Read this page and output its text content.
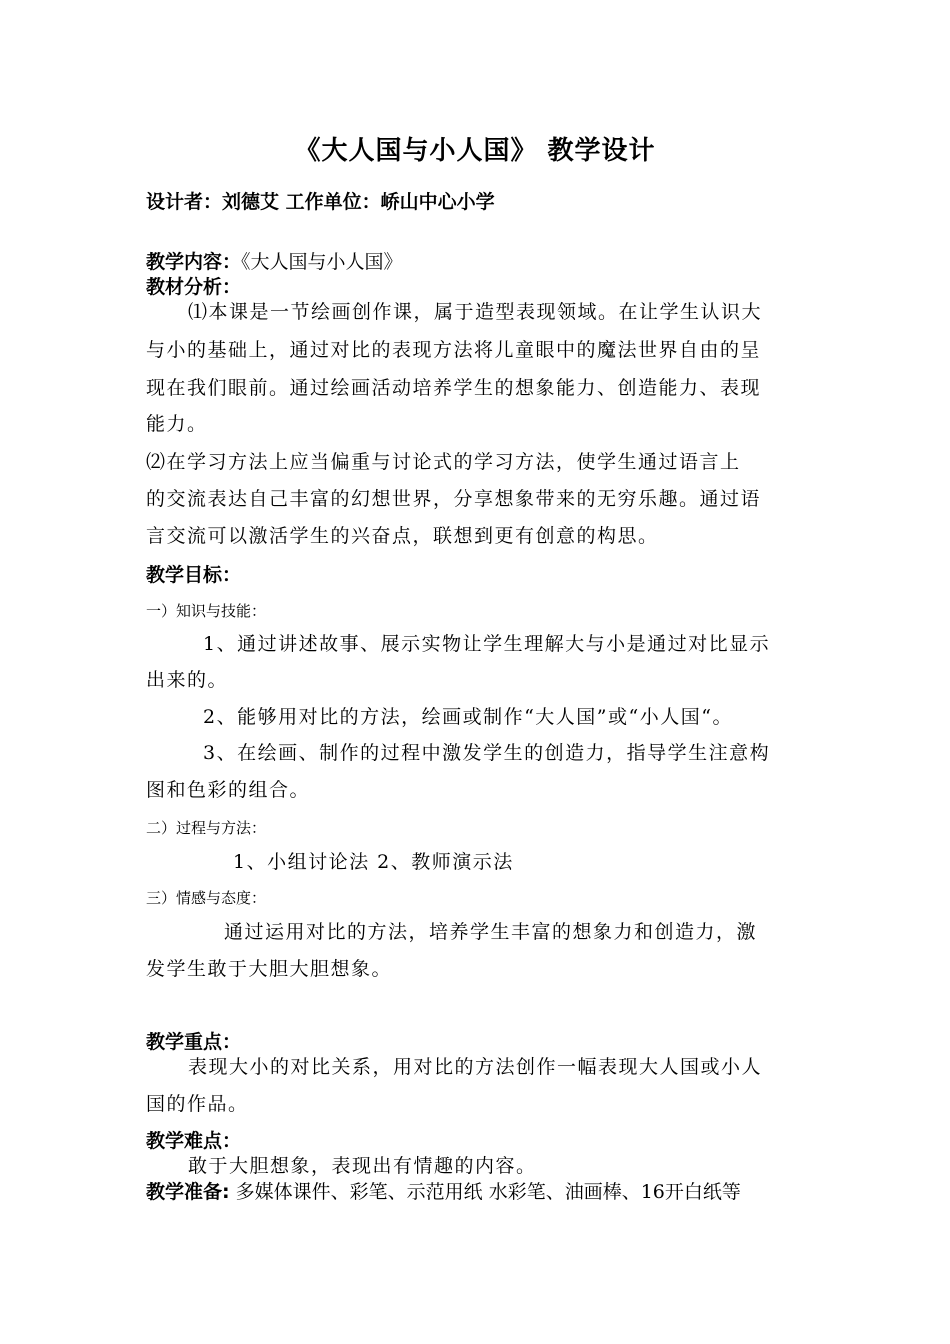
《大人国与小人国》 教学设计
设计者：刘德艾 工作单位：峤山中心小学
教学内容：《大人国与小人国》
教材分析：
⑴本课是一节绘画创作课，属于造型表现领域。在让学生认识大
与小的基础上，通过对比的表现方法将儿童眼中的魔法世界自由的呈
现在我们眼前。通过绘画活动培养学生的想象能力、创造能力、表现
能力。
⑵在学习方法上应当偏重与讨论式的学习方法，使学生通过语言上
的交流表达自己丰富的幻想世界，分享想象带来的无穷乐趣。通过语
言交流可以激活学生的兴奋点，联想到更有创意的构思。
教学目标：
一）知识与技能：
1、通过讲述故事、展示实物让学生理解大与小是通过对比显示
出来的。
2、能够用对比的方法，绘画或制作“大人国”或“小人国“。
3、在绘画、制作的过程中激发学生的创造力，指导学生注意构
图和色彩的组合。
二）过程与方法：
1、小组讨论法 2、教师演示法
三）情感与态度：
通过运用对比的方法，培养学生丰富的想象力和创造力，激
发学生敢于大胆大胆想象。
教学重点：
表现大小的对比关系，用对比的方法创作一幅表现大人国或小人
国的作品。
教学难点：
敢于大胆想象，表现出有情趣的内容。
教学准备: 多媒体课件、彩笔、示范用纸 水彩笔、油画棒、16开白纸等
